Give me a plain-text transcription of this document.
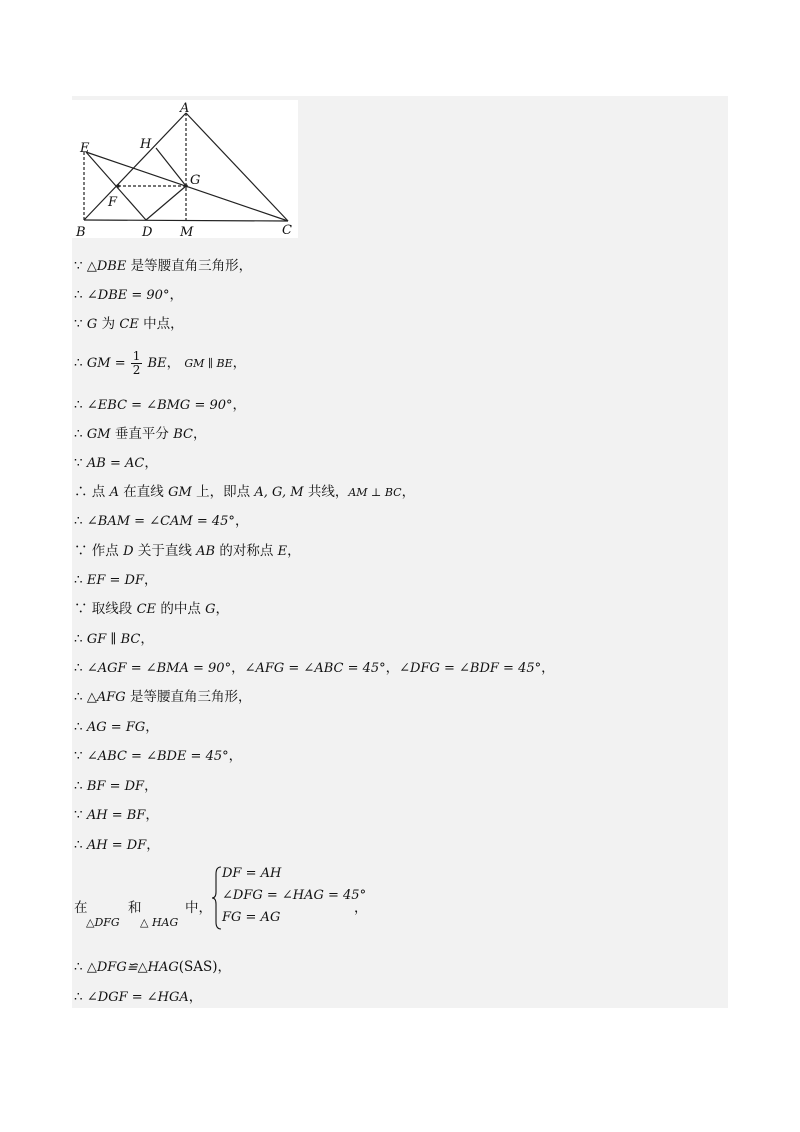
A
H
E
G
F
B	D M	C
∵ △DBE 是等腰直角三角形，
∴ ∠DBE = 90°，
∵ G 为 CE 中点，
∴ GM = $\frac{1}{2}$ BE， GM ∥ BE，
∴ ∠EBC = ∠BMG = 90°，
∴ GM 垂直平分 BC，
∵ AB = AC，
∴ 点 A 在直线 GM 上，即点 A, G, M 共线，AM ⊥ BC，
∴ ∠BAM = ∠CAM = 45°，
∵ 作点 D 关于直线 AB 的对称点 E，
∴ EF = DF，
∵ 取线段 CE 的中点 G，
∴ GF ∥ BC，
∴ ∠AGF = ∠BMA = 90°，∠AFG = ∠ABC = 45°，∠DFG = ∠BDF = 45°，
∴ △AFG 是等腰直角三角形，
∴ AG = FG，
∵ ∠ABC = ∠BDE = 45°，
∴ BF = DF，
∵ AH = BF，
∴ AH = DF，
在
△DFG
和
△ HAG
中，
DF = AH
∠DFG = ∠HAG = 45°
FG = AG
，
∴ △DFG≌△HAG(SAS)，
∴ ∠DGF = ∠HGA，
